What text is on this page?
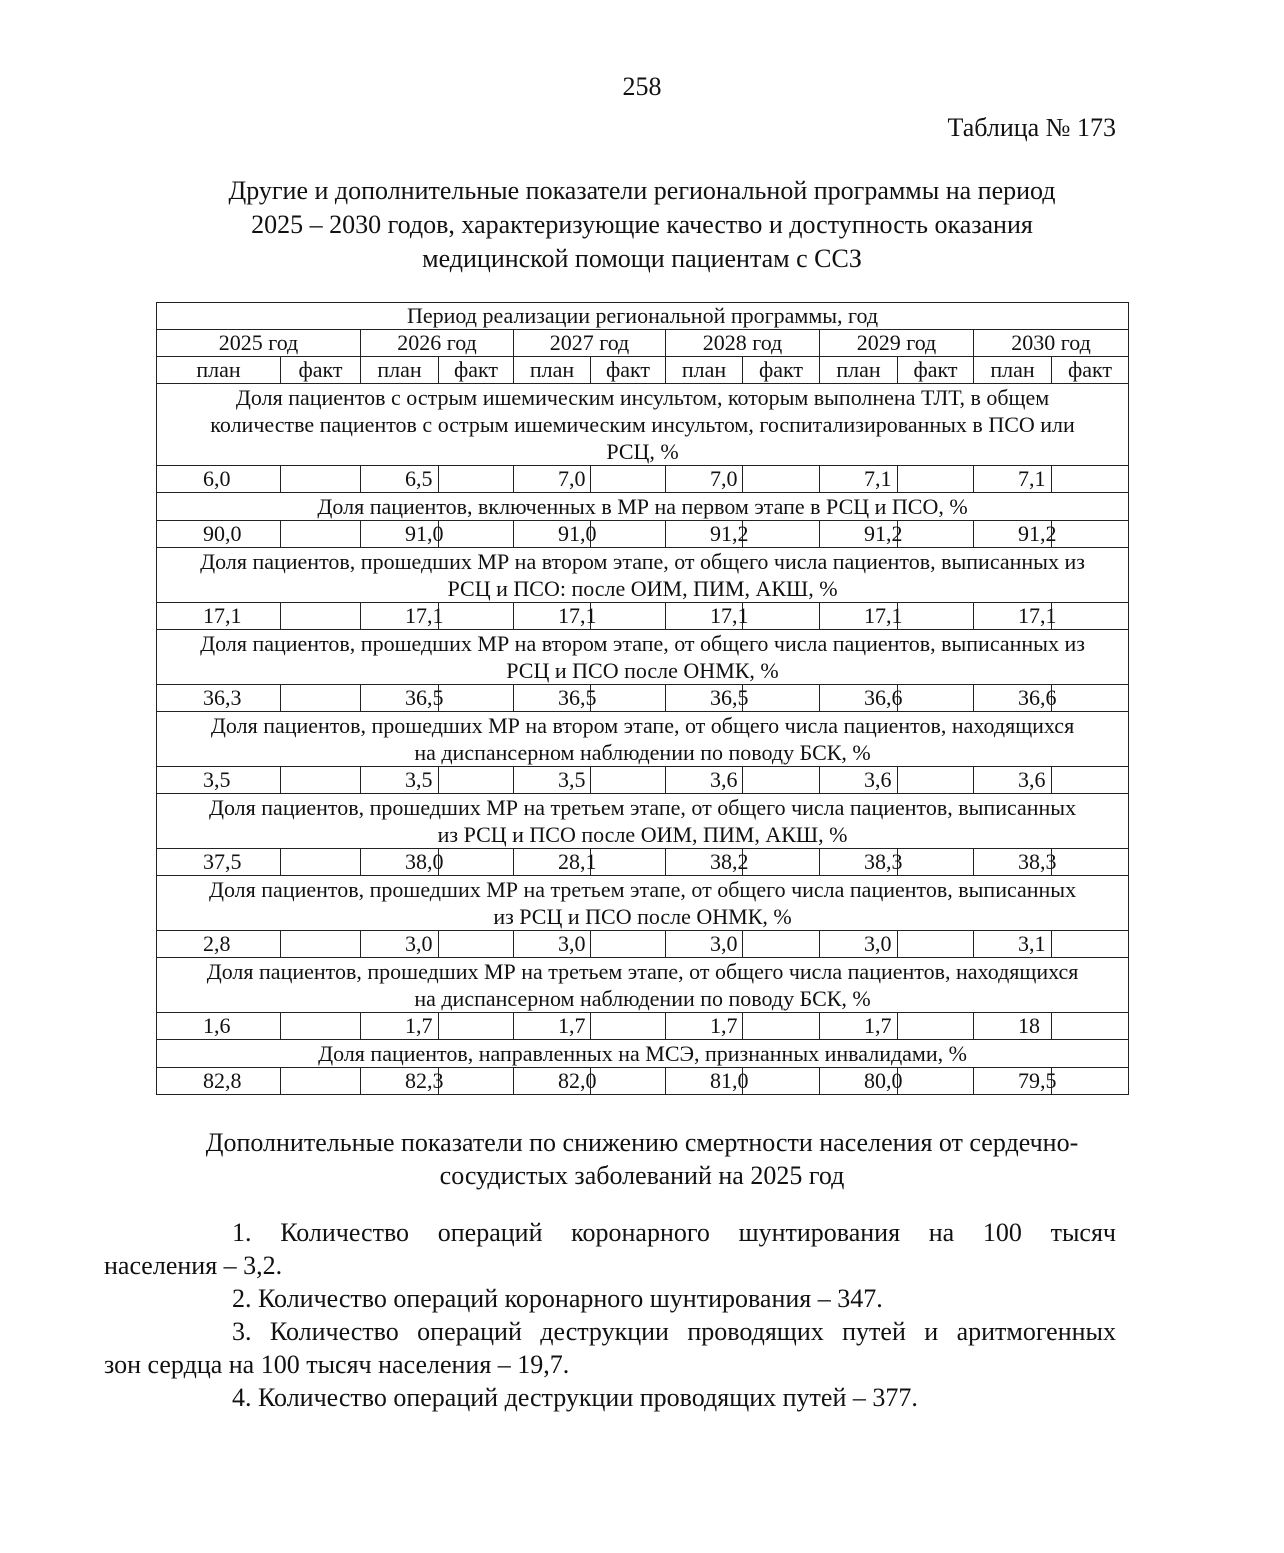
258
Таблица № 173
Другие и дополнительные показатели региональной программы на период
2025 – 2030 годов, характеризующие качество и доступность оказания
медицинской помощи пациентам с ССЗ
Период реализации региональной программы, год											
2025 год		2026 год		2027 год		2028 год		2029 год		2030 год	
план	факт	план	факт	план	факт	план	факт	план	факт	план	факт

Доля пациентов с острым ишемическим инсультом, которым выполнена ТЛТ, в общем
количестве пациентов с острым ишемическим инсультом, госпитализированных в ПСО или
РСЦ, %											

6,0		6,5		7,0		7,0		7,1		7,1	

Доля пациентов, включенных в МР на первом этапе в РСЦ и ПСО, %											

90,0		91,0		91,0		91,2		91,2		91,2	

Доля пациентов, прошедших МР на втором этапе, от общего числа пациентов, выписанных из
РСЦ и ПСО: после ОИМ, ПИМ, АКШ, %											

17,1		17,1		17,1		17,1		17,1		17,1	

Доля пациентов, прошедших МР на втором этапе, от общего числа пациентов, выписанных из
РСЦ и ПСО после ОНМК, %											

36,3		36,5		36,5		36,5		36,6		36,6	

Доля пациентов, прошедших МР на втором этапе, от общего числа пациентов, находящихся
на диспансерном наблюдении по поводу БСК, %											

3,5		3,5		3,5		3,6		3,6		3,6	

Доля пациентов, прошедших МР на третьем этапе, от общего числа пациентов, выписанных
из РСЦ и ПСО после ОИМ, ПИМ, АКШ, %											

37,5		38,0		28,1		38,2		38,3		38,3	

Доля пациентов, прошедших МР на третьем этапе, от общего числа пациентов, выписанных
из РСЦ и ПСО после ОНМК, %											

2,8		3,0		3,0		3,0		3,0		3,1	

Доля пациентов, прошедших МР на третьем этапе, от общего числа пациентов, находящихся
на диспансерном наблюдении по поводу БСК, %											

1,6		1,7		1,7		1,7		1,7		18	

Доля пациентов, направленных на МСЭ, признанных инвалидами, %											

82,8		82,3		82,0		81,0		80,0		79,5	
Дополнительные показатели по снижению смертности населения от сердечно-
сосудистых заболеваний на 2025 год

1. Количество операций коронарного шунтирования на 100 тысяч
населения – 3,2.

2. Количество операций коронарного шунтирования – 347.

3. Количество операций деструкции проводящих путей и аритмогенных
зон сердца на 100 тысяч населения – 19,7.

4. Количество операций деструкции проводящих путей – 377.
